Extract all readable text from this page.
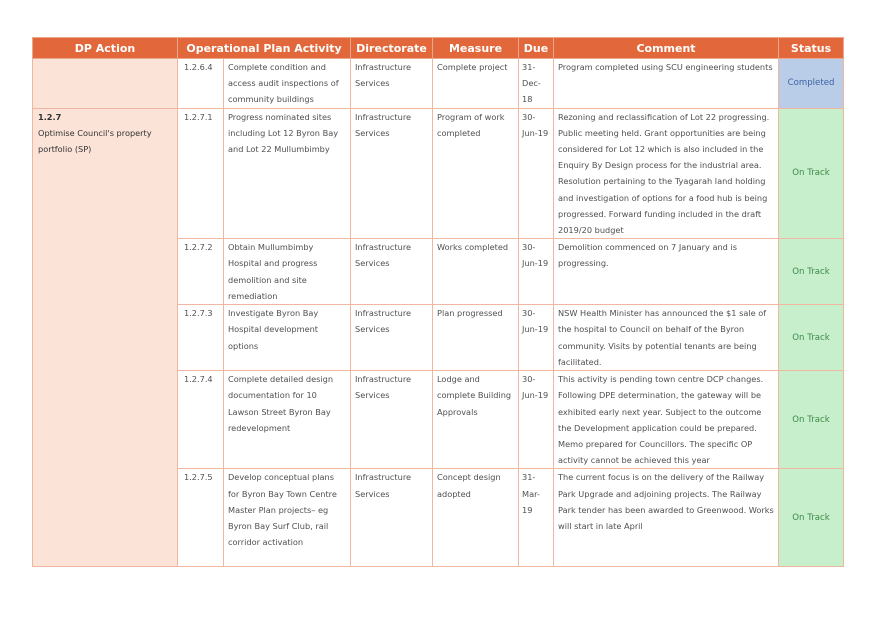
DP Action	Operational Plan Activity		Directorate	Measure	Due	Comment	Status
	1.2.6.4	Complete condition and access audit inspections of community buildings	Infrastructure Services	Complete project	31-Dec-18	Program completed using SCU engineering students	Completed

1.2.7
Optimise Council's property portfolio (SP)	1.2.7.1	Progress nominated sites including Lot 12 Byron Bay and Lot 22 Mullumbimby	Infrastructure Services	Program of work completed	30-Jun-19	Rezoning and reclassification of Lot 22 progressing. Public meeting held. Grant opportunities are being considered for Lot 12 which is also included in the Enquiry By Design process for the industrial area. Resolution pertaining to the Tyagarah land holding and investigation of options for a food hub is being progressed. Forward funding included in the draft 2019/20 budget	On Track
	1.2.7.2	Obtain Mullumbimby Hospital and progress demolition and site remediation	Infrastructure Services	Works completed	30-Jun-19	Demolition commenced on 7 January and is progressing.	On Track
	1.2.7.3	Investigate Byron Bay Hospital development options	Infrastructure Services	Plan progressed	30-Jun-19	NSW Health Minister has announced the $1 sale of the hospital to Council on behalf of the Byron community. Visits by potential tenants are being facilitated.	On Track
	1.2.7.4	Complete detailed design documentation for 10 Lawson Street Byron Bay redevelopment	Infrastructure Services	Lodge and complete Building Approvals	30-Jun-19	This activity is pending town centre DCP changes. Following DPE determination, the gateway will be exhibited early next year. Subject to the outcome the Development application could be prepared. Memo prepared for Councillors. The specific OP activity cannot be achieved this year	On Track
	1.2.7.5	Develop conceptual plans for Byron Bay Town Centre Master Plan projects– eg Byron Bay Surf Club, rail corridor activation	Infrastructure Services	Concept design adopted	31-Mar-19	The current focus is on the delivery of the Railway Park Upgrade and adjoining projects. The Railway Park tender has been awarded to Greenwood. Works will start in late April	On Track
